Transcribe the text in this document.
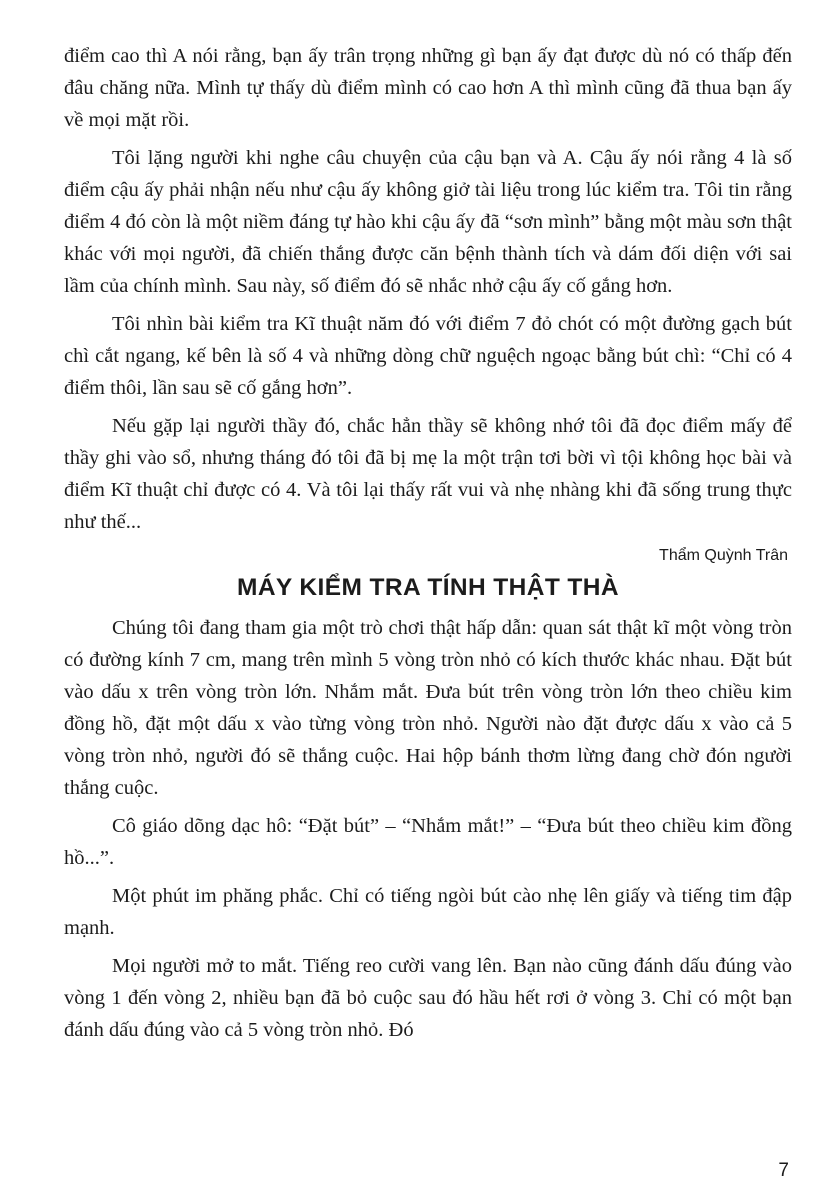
điểm cao thì A nói rằng, bạn ấy trân trọng những gì bạn ấy đạt được dù nó có thấp đến đâu chăng nữa. Mình tự thấy dù điểm mình có cao hơn A thì mình cũng đã thua bạn ấy về mọi mặt rồi.

Tôi lặng người khi nghe câu chuyện của cậu bạn và A. Cậu ấy nói rằng 4 là số điểm cậu ấy phải nhận nếu như cậu ấy không giở tài liệu trong lúc kiểm tra. Tôi tin rằng điểm 4 đó còn là một niềm đáng tự hào khi cậu ấy đã “sơn mình” bằng một màu sơn thật khác với mọi người, đã chiến thắng được căn bệnh thành tích và dám đối diện với sai lầm của chính mình. Sau này, số điểm đó sẽ nhắc nhở cậu ấy cố gắng hơn.

Tôi nhìn bài kiểm tra Kĩ thuật năm đó với điểm 7 đỏ chót có một đường gạch bút chì cắt ngang, kế bên là số 4 và những dòng chữ nguệch ngoạc bằng bút chì: “Chỉ có 4 điểm thôi, lần sau sẽ cố gắng hơn”.

Nếu gặp lại người thầy đó, chắc hẳn thầy sẽ không nhớ tôi đã đọc điểm mấy để thầy ghi vào sổ, nhưng tháng đó tôi đã bị mẹ la một trận tơi bời vì tội không học bài và điểm Kĩ thuật chỉ được có 4. Và tôi lại thấy rất vui và nhẹ nhàng khi đã sống trung thực như thế...

Thẩm Quỳnh Trân
MÁY KIỂM TRA TÍNH THẬT THÀ

Chúng tôi đang tham gia một trò chơi thật hấp dẫn: quan sát thật kĩ một vòng tròn có đường kính 7 cm, mang trên mình 5 vòng tròn nhỏ có kích thước khác nhau. Đặt bút vào dấu x trên vòng tròn lớn. Nhắm mắt. Đưa bút trên vòng tròn lớn theo chiều kim đồng hồ, đặt một dấu x vào từng vòng tròn nhỏ. Người nào đặt được dấu x vào cả 5 vòng tròn nhỏ, người đó sẽ thắng cuộc. Hai hộp bánh thơm lừng đang chờ đón người thắng cuộc.

Cô giáo dõng dạc hô: “Đặt bút” – “Nhắm mắt!” – “Đưa bút theo chiều kim đồng hồ...”.

Một phút im phăng phắc. Chỉ có tiếng ngòi bút cào nhẹ lên giấy và tiếng tim đập mạnh.

Mọi người mở to mắt. Tiếng reo cười vang lên. Bạn nào cũng đánh dấu đúng vào vòng 1 đến vòng 2, nhiều bạn đã bỏ cuộc sau đó hầu hết rơi ở vòng 3. Chỉ có một bạn đánh dấu đúng vào cả 5 vòng tròn nhỏ. Đó

7
